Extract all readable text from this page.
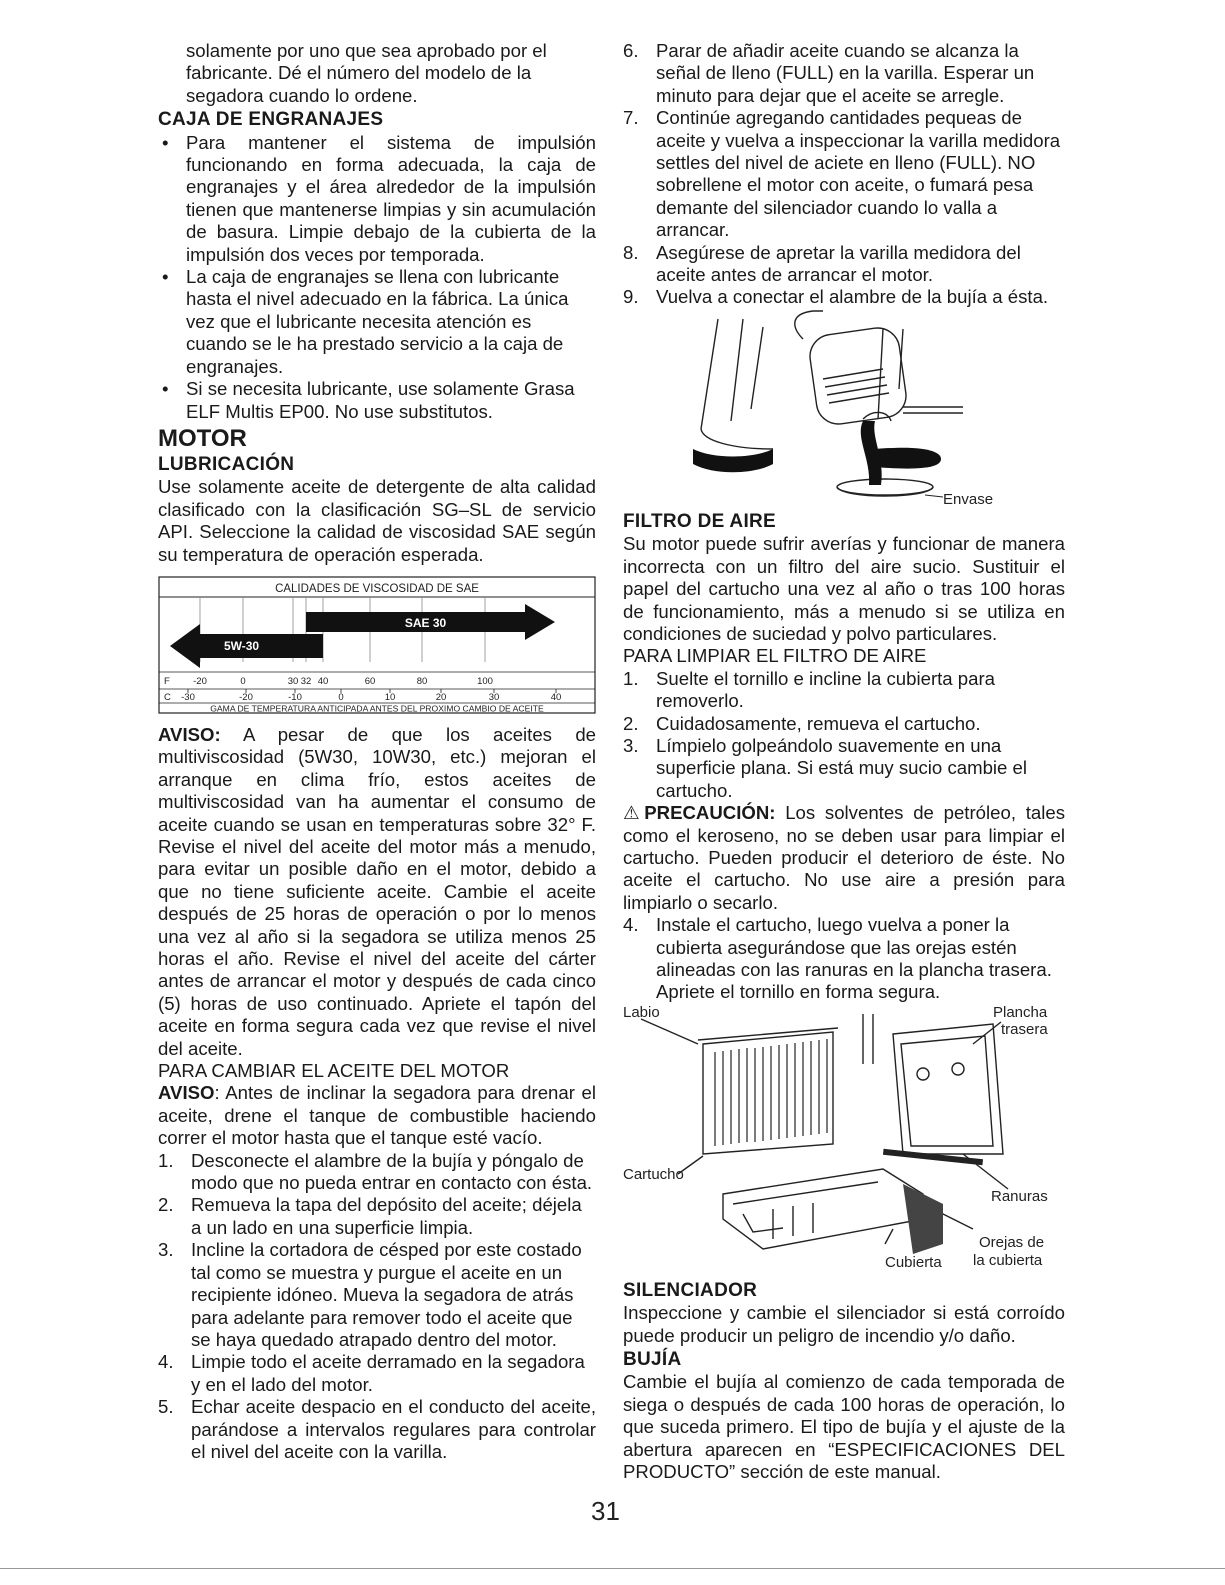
solamente por uno que sea aprobado por el fabricante. Dé el número del modelo de la segadora cuando lo ordene.

CAJA DE ENGRANAJES

• Para mantener el sistema de impulsión funcionando en forma adecuada, la caja de engranajes y el área alrededor de la impulsión tienen que mantenerse limpias y sin acumulación de basura. Limpie debajo de la cubierta de la impulsión dos veces por temporada.
• La caja de engranajes se llena con lubricante hasta el nivel adecuado en la fábrica. La única vez que el lubricante necesita atención es cuando se le ha prestado servicio a la caja de engranajes.
• Si se necesita lubricante, use solamente Grasa ELF Multis EP00. No use substitutos.

MOTOR

LUBRICACIÓN

Use solamente aceite de detergente de alta calidad clasificado con la clasificación SG–SL de servicio API. Seleccione la calidad de viscosidad SAE según su temperatura de operación esperada.

CALIDADES DE VISCOSIDAD DE SAE
SAE 30
5W-30
F -20	0	30 32 40	60	80	100
C -30	-20	-10	0	10	20	30	40
GAMA DE TEMPERATURA ANTICIPADA ANTES DEL PROXIMO CAMBIO DE ACEITE

AVISO: A pesar de que los aceites de multiviscosidad (5W30, 10W30, etc.) mejoran el arranque en clima frío, estos aceites de multiviscosidad van ha aumentar el consumo de aceite cuando se usan en temperaturas sobre 32° F. Revise el nivel del aceite del motor más a menudo, para evitar un posible daño en el motor, debido a que no tiene suficiente aceite. Cambie el aceite después de 25 horas de operación o por lo menos una vez al año si la segadora se utiliza menos 25 horas el año. Revise el nivel del aceite del cárter antes de arrancar el motor y después de cada cinco (5) horas de uso continuado. Apriete el tapón del aceite en forma segura cada vez que revise el nivel del aceite.

PARA CAMBIAR EL ACEITE DEL MOTOR

AVISO: Antes de inclinar la segadora para drenar el aceite, drene el tanque de combustible haciendo correr el motor hasta que el tanque esté vacío.

1. Desconecte el alambre de la bujía y póngalo de modo que no pueda entrar en contacto con ésta.
2. Remueva la tapa del depósito del aceite; déjela a un lado en una superficie limpia.
3. Incline la cortadora de césped por este costado tal como se muestra y purgue el aceite en un recipiente idóneo. Mueva la segadora de atrás para adelante para remover todo el aceite que se haya quedado atrapado dentro del motor.
4. Limpie todo el aceite derramado en la segadora y en el lado del motor.
5. Echar aceite despacio en el conducto del aceite, parándose a intervalos regulares para controlar el nivel del aceite con la varilla.
6. Parar de añadir aceite cuando se alcanza la señal de lleno (FULL) en la varilla. Esperar un minuto para dejar que el aceite se arregle.
7. Continúe agregando cantidades pequeas de aceite y vuelva a inspeccionar la varilla medidora settles del nivel de aciete en lleno (FULL). NO sobrellene el motor con aceite, o fumará pesa demante del silenciador cuando lo valla a arrancar.
8. Asegúrese de apretar la varilla medidora del aceite antes de arrancar el motor.
9. Vuelva a conectar el alambre de la bujía a ésta.
Envase

FILTRO DE AIRE

Su motor puede sufrir averías y funcionar de manera incorrecta con un filtro del aire sucio. Sustituir el papel del cartucho una vez al año o tras 100 horas de funcionamiento, más a menudo si se utiliza en condiciones de suciedad y polvo particulares.

PARA LIMPIAR EL FILTRO DE AIRE

1. Suelte el tornillo e incline la cubierta para removerlo.
2. Cuidadosamente, remueva el cartucho.
3. Límpielo golpeándolo suavemente en una superficie plana. Si está muy sucio cambie el cartucho.

⚠PRECAUCIÓN: Los solventes de petróleo, tales como el keroseno, no se deben usar para limpiar el cartucho. Pueden producir el deterioro de éste. No aceite el cartucho. No use aire a presión para limpiarlo o secarlo.

4. Instale el cartucho, luego vuelva a poner la cubierta asegurándose que las orejas estén alineadas con las ranuras en la plancha trasera. Apriete el tornillo en forma segura.
Labio	Plancha
trasera
Cartucho
Ranuras
Orejas de
la cubierta
Cubierta

SILENCIADOR

Inspeccione y cambie el silenciador si está corroído puede producir un peligro de incendio y/o daño.

BUJÍA

Cambie el bujía al comienzo de cada temporada de siega o después de cada 100 horas de operación, lo que suceda primero. El tipo de bujía y el ajuste de la abertura aparecen en “ESPECIFICACIONES DEL PRODUCTO” sección de este manual.

31
